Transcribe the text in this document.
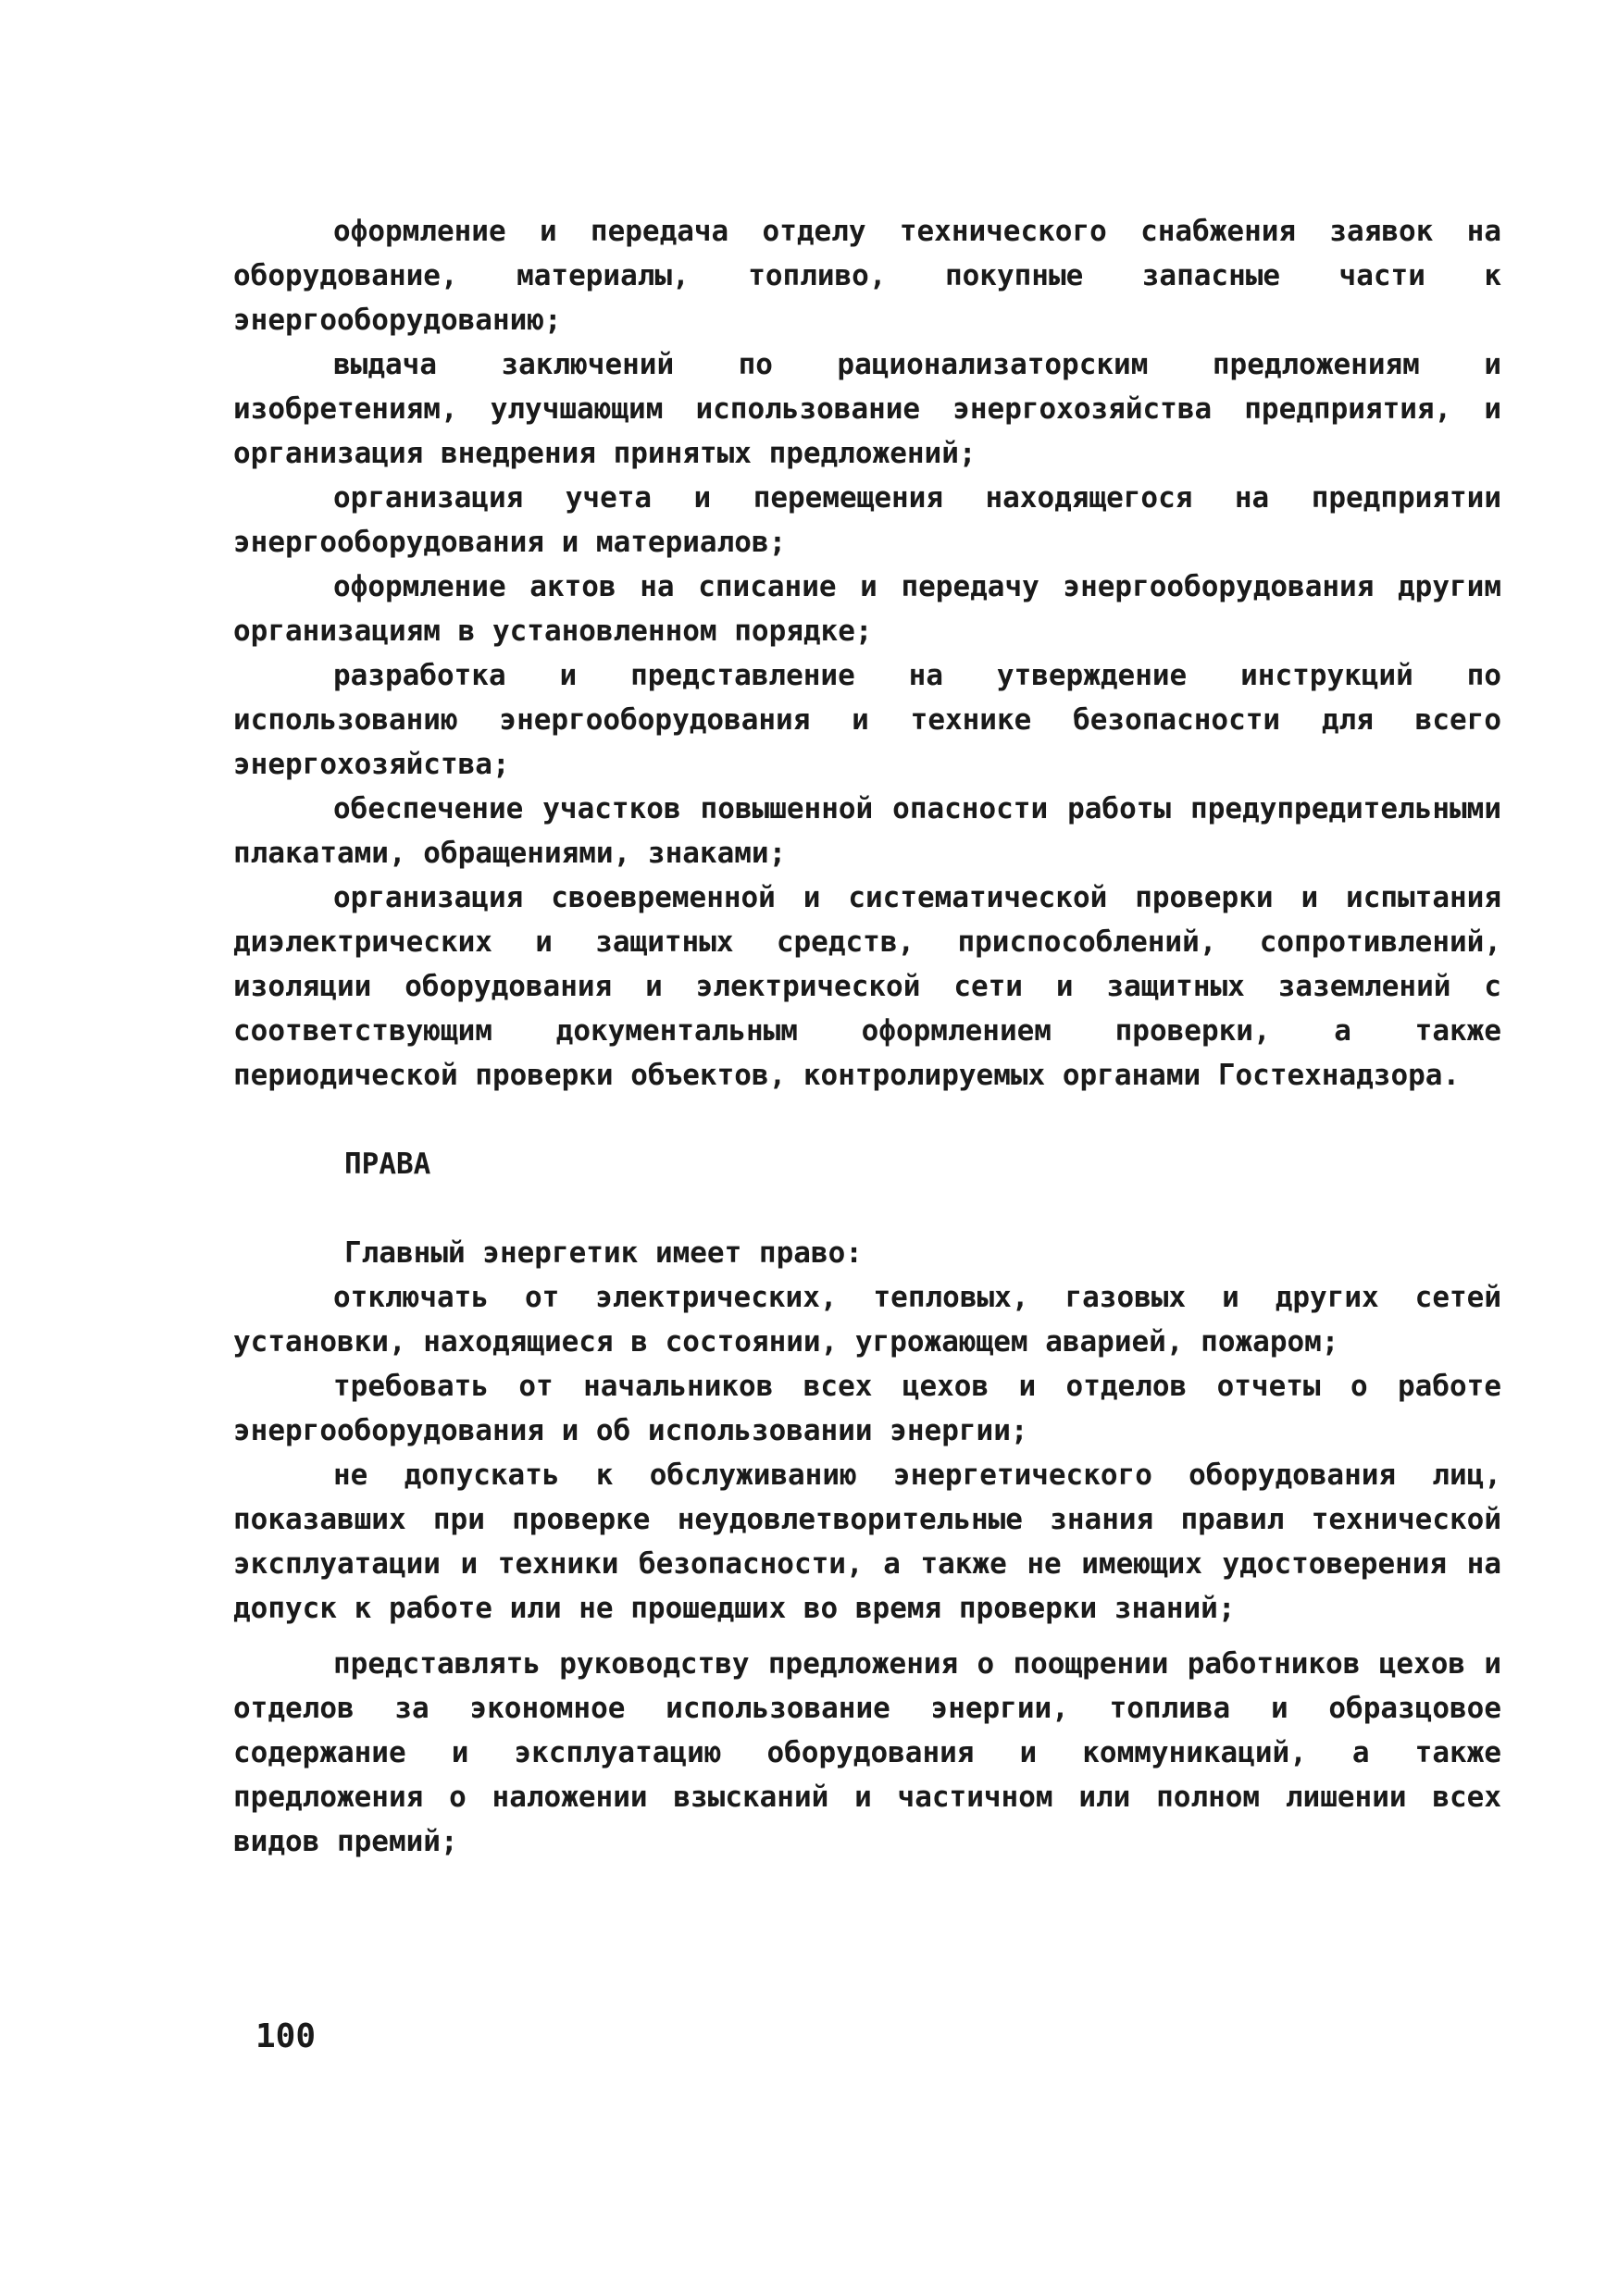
оформление и передача отделу технического снабжения заявок на оборудование, материалы, топливо, покупные запасные части к энергооборудованию;

выдача заключений по рационализаторским предложениям и изобретениям, улучшающим использование энергохозяйства предприятия, и организация внедрения принятых предложений;

организация учета и перемещения находящегося на предприятии энергооборудования и материалов;

оформление актов на списание и передачу энергооборудования другим организациям в установленном порядке;

разработка и представление на утверждение инструкций по использованию энергооборудования и технике безопасности для всего энергохозяйства;

обеспечение участков повышенной опасности работы предупредительными плакатами, обращениями, знаками;

организация своевременной и систематической проверки и испытания диэлектрических и защитных средств, приспособлений, сопротивлений, изоляции оборудования и электрической сети и защитных заземлений с соответствующим документальным оформлением проверки, а также периодической проверки объектов, контролируемых органами Гостехнадзора.

ПРАВА

Главный энергетик имеет право:

отключать от электрических, тепловых, газовых и других сетей установки, находящиеся в состоянии, угрожающем аварией, пожаром;

требовать от начальников всех цехов и отделов отчеты о работе энергооборудования и об использовании энергии;

не допускать к обслуживанию энергетического оборудования лиц, показавших при проверке неудовлетворительные знания правил технической эксплуатации и техники безопасности, а также не имеющих удостоверения на допуск к работе или не прошедших во время проверки знаний;

представлять руководству предложения о поощрении работников цехов и отделов за экономное использование энергии, топлива и образцовое содержание и эксплуатацию оборудования и коммуникаций, а также предложения о наложении взысканий и частичном или полном лишении всех видов премий;

100
